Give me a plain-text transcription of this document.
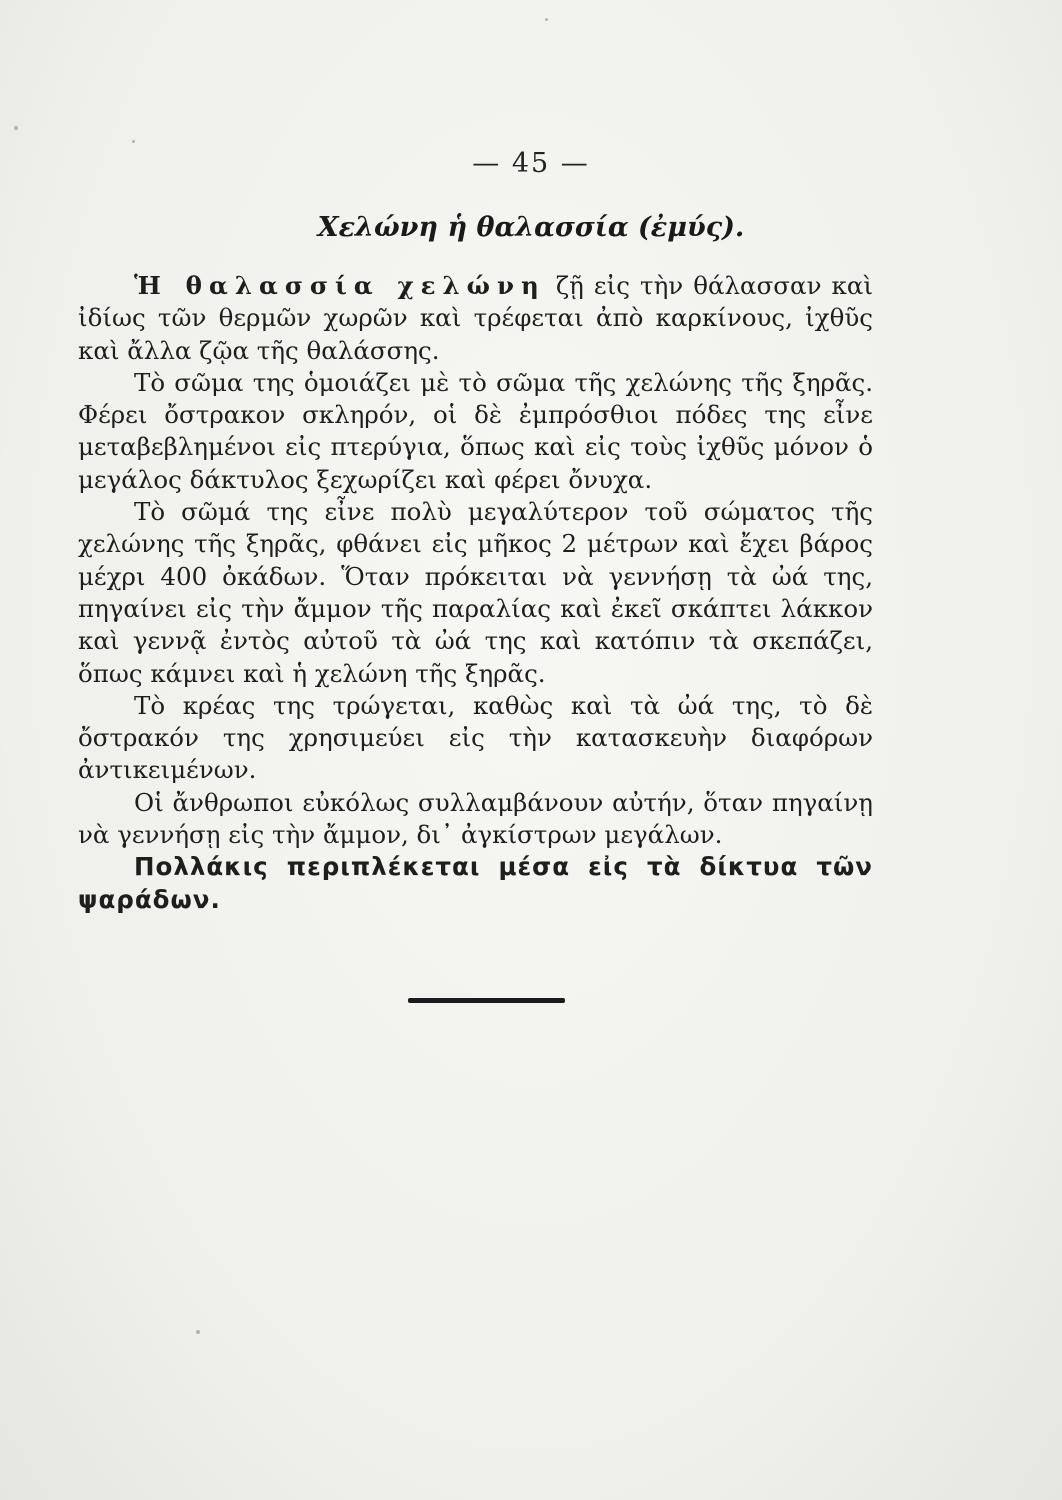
— 45 —
Χελώνη ἡ θαλασσία (ἐμύς).

Ἡ θαλασσία χελώνη ζῇ εἰς τὴν θάλασσαν καὶ ἰδίως τῶν θερμῶν χωρῶν καὶ τρέφεται ἀπὸ καρκίνους, ἰχθῦς καὶ ἄλλα ζῷα τῆς θαλάσσης.

Τὸ σῶμα της ὁμοιάζει μὲ τὸ σῶμα τῆς χελώνης τῆς ξηρᾶς. Φέρει ὄστρακον σκληρόν, οἱ δὲ ἐμπρόσθιοι πόδες της εἶνε μεταβεβλημένοι εἰς πτερύγια, ὅπως καὶ εἰς τοὺς ἰχθῦς μόνον ὁ μεγάλος δάκτυλος ξεχωρίζει καὶ φέρει ὄνυχα.

Τὸ σῶμά της εἶνε πολὺ μεγαλύτερον τοῦ σώματος τῆς χελώνης τῆς ξηρᾶς, φθάνει εἰς μῆκος 2 μέτρων καὶ ἔχει βάρος μέχρι 400 ὀκάδων. Ὅταν πρόκειται νὰ γεννήσῃ τὰ ὠά της, πηγαίνει εἰς τὴν ἄμμον τῆς παραλίας καὶ ἐκεῖ σκάπτει λάκκον καὶ γεννᾷ ἐντὸς αὐτοῦ τὰ ὠά της καὶ κατόπιν τὰ σκεπάζει, ὅπως κάμνει καὶ ἡ χελώνη τῆς ξηρᾶς.

Τὸ κρέας της τρώγεται, καθὼς καὶ τὰ ὠά της, τὸ δὲ ὄστρακόν της χρησιμεύει εἰς τὴν κατασκευὴν διαφόρων ἀντικειμένων.

Οἱ ἄνθρωποι εὐκόλως συλλαμβάνουν αὐτήν, ὅταν πηγαίνῃ νὰ γεννήσῃ εἰς τὴν ἄμμον, δι᾿ ἀγκίστρων μεγάλων.

Πολλάκις περιπλέκεται μέσα εἰς τὰ δίκτυα τῶν ψαράδων.
